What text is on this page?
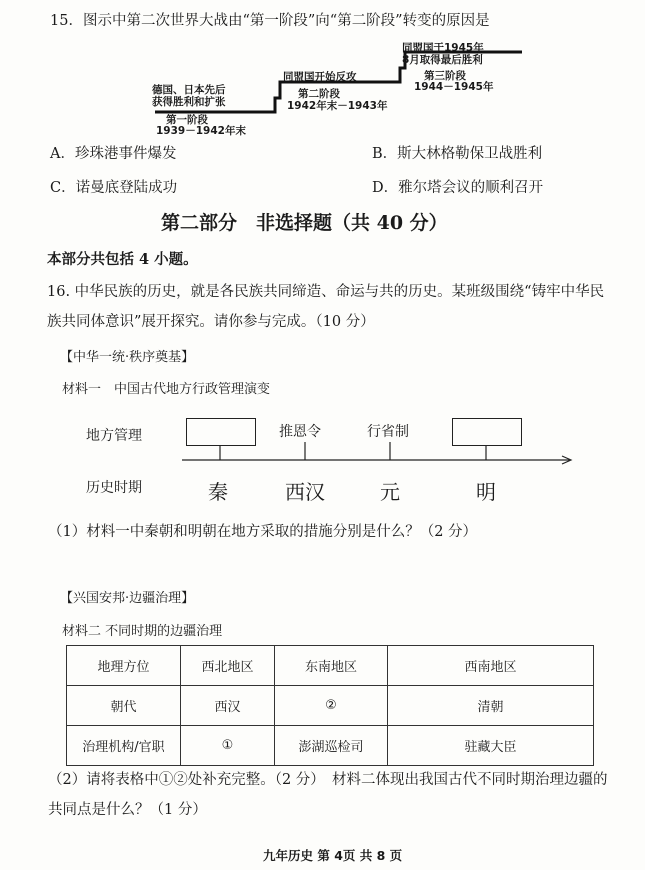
15．图示中第二次世界大战由“第一阶段”向“第二阶段”转变的原因是
德国、日本先后
获得胜利和扩张
第一阶段
1939－1942年末
同盟国开始反攻
第二阶段
1942年末－1943年
同盟国于1945年
8月取得最后胜利
第三阶段
1944－1945年
A．珍珠港事件爆发	B．斯大林格勒保卫战胜利
C．诺曼底登陆成功	D．雅尔塔会议的顺利召开
第二部分　非选择题（共 40 分）
本部分共包括 4 小题。
16. 中华民族的历史，就是各民族共同缔造、命运与共的历史。某班级围绕“铸牢中华民
族共同体意识”展开探究。请你参与完成。（10 分）
【中华一统·秩序奠基】
材料一　中国古代地方行政管理演变
地方管理
历史时期
推恩令	行省制
秦	西汉	元	明
（1）材料一中秦朝和明朝在地方采取的措施分别是什么？（2 分）
【兴国安邦·边疆治理】
材料二 不同时期的边疆治理
地理方位	西北地区	东南地区	西南地区
朝代	西汉	②	清朝
治理机构/官职	①	澎湖巡检司	驻藏大臣
（2）请将表格中①②处补充完整。（2 分）　材料二体现出我国古代不同时期治理边疆的
共同点是什么？（1 分）
九年历史 第 4页 共 8 页
